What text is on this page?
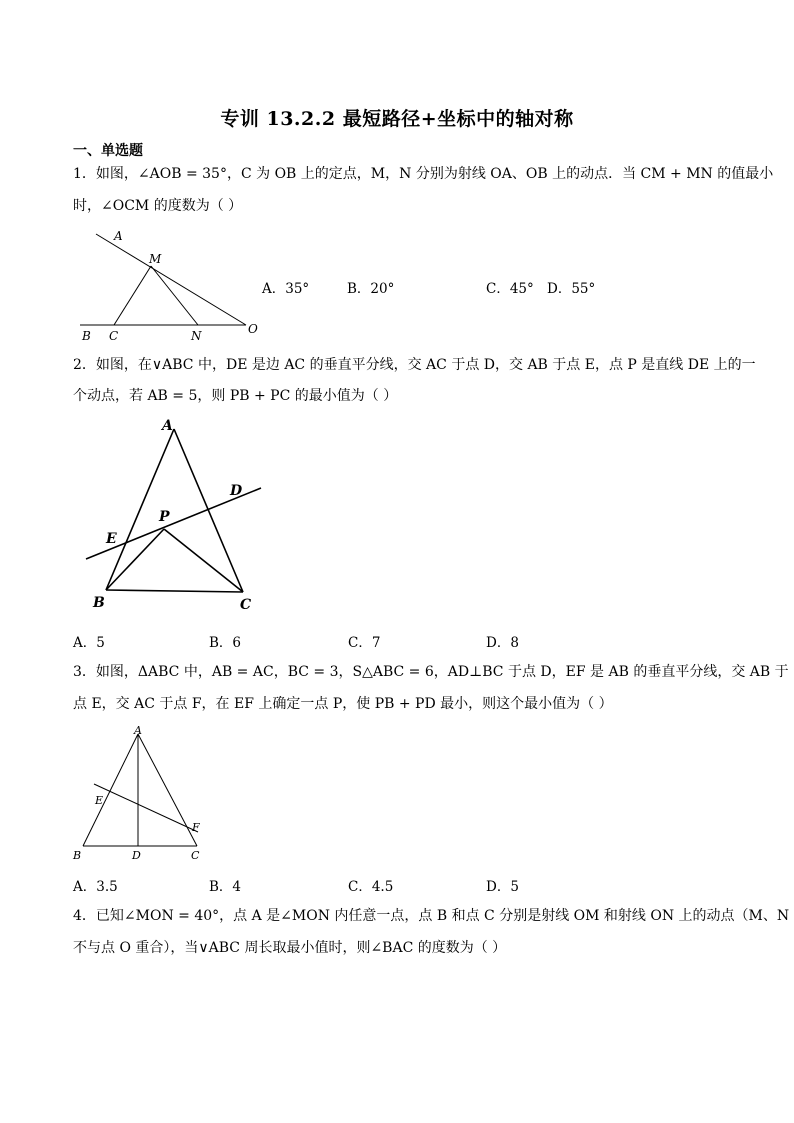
专训 13.2.2 最短路径+坐标中的轴对称
一、单选题
1．如图，∠AOB = 35°，C 为 OB 上的定点，M，N 分别为射线 OA、OB 上的动点．当 CM + MN 的值最小
时，∠OCM 的度数为（ ）
A
M
B C	N	O
A．35°	B．20°	C．45° D．55°
2．如图，在∨ABC 中，DE 是边 AC 的垂直平分线，交 AC 于点 D，交 AB 于点 E，点 P 是直线 DE 上的一
个动点，若 AB = 5，则 PB + PC 的最小值为（ ）
A
D
P
E
B	C
A．5	B．6	C．7	D．8
3．如图，ΔABC 中，AB = AC，BC = 3，S△ABC = 6，AD⊥BC 于点 D，EF 是 AB 的垂直平分线，交 AB 于
点 E，交 AC 于点 F，在 EF 上确定一点 P，使 PB + PD 最小，则这个最小值为（ ）
A
E
F
B	D	C
A．3.5	B．4	C．4.5	D．5
4．已知∠MON = 40°，点 A 是∠MON 内任意一点，点 B 和点 C 分别是射线 OM 和射线 ON 上的动点（M、N
不与点 O 重合），当∨ABC 周长取最小值时，则∠BAC 的度数为（ ）
